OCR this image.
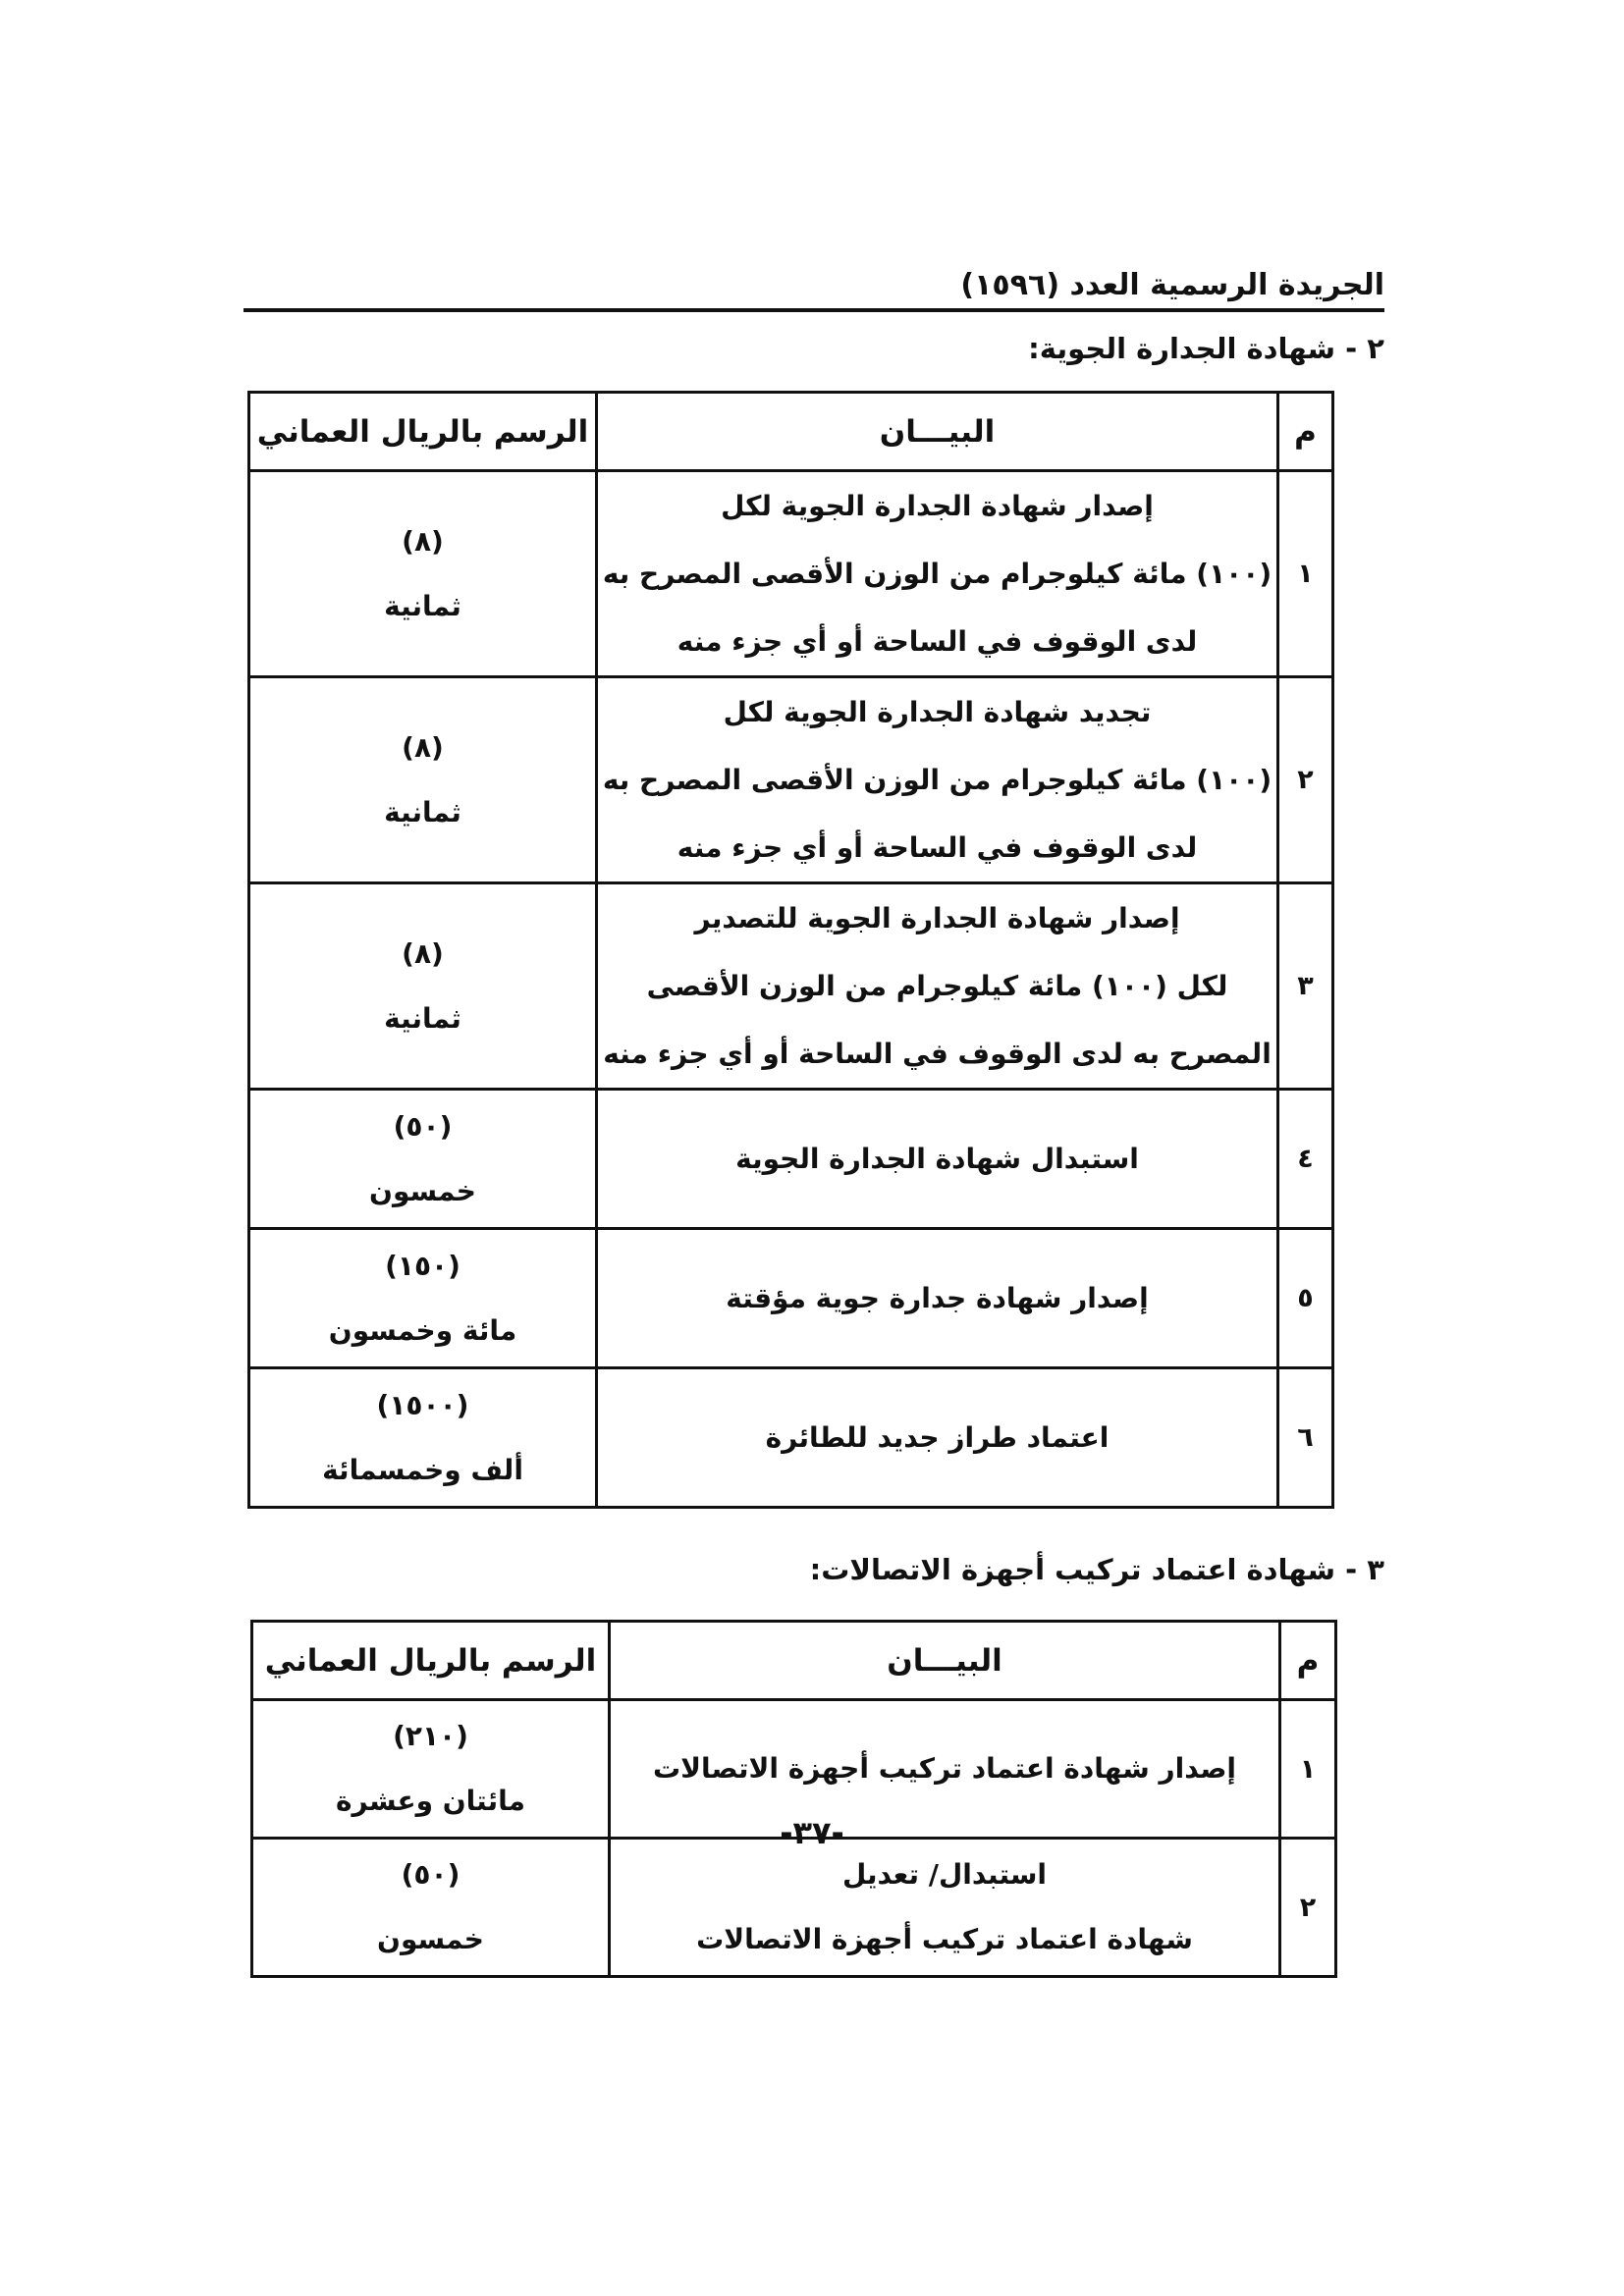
الجريدة الرسمية العدد (١٥٩٦)
٢ - شهادة الجدارة الجوية:
م	البيـــان	الرسم بالريال العماني
١	إصدار شهادة الجدارة الجوية لكل
(١٠٠) مائة كيلوجرام من الوزن الأقصى المصرح به
لدى الوقوف في الساحة أو أي جزء منه	(٨)
ثمانية

٢	تجديد شهادة الجدارة الجوية لكل
(١٠٠) مائة كيلوجرام من الوزن الأقصى المصرح به
لدى الوقوف في الساحة أو أي جزء منه	(٨)
ثمانية

٣	إصدار شهادة الجدارة الجوية للتصدير
لكل (١٠٠) مائة كيلوجرام من الوزن الأقصى
المصرح به لدى الوقوف في الساحة أو أي جزء منه	(٨)
ثمانية

٤	استبدال شهادة الجدارة الجوية	(٥٠)
خمسون

٥	إصدار شهادة جدارة جوية مؤقتة	(١٥٠)
مائة وخمسون

٦	اعتماد طراز جديد للطائرة	(١٥٠٠)
ألف وخمسمائة
٣ - شهادة اعتماد تركيب أجهزة الاتصالات:
م	البيـــان	الرسم بالريال العماني
١	إصدار شهادة اعتماد تركيب أجهزة الاتصالات	(٢١٠)
مائتان وعشرة

٢	استبدال/ تعديل
شهادة اعتماد تركيب أجهزة الاتصالات	(٥٠)
خمسون
-٣٧-
